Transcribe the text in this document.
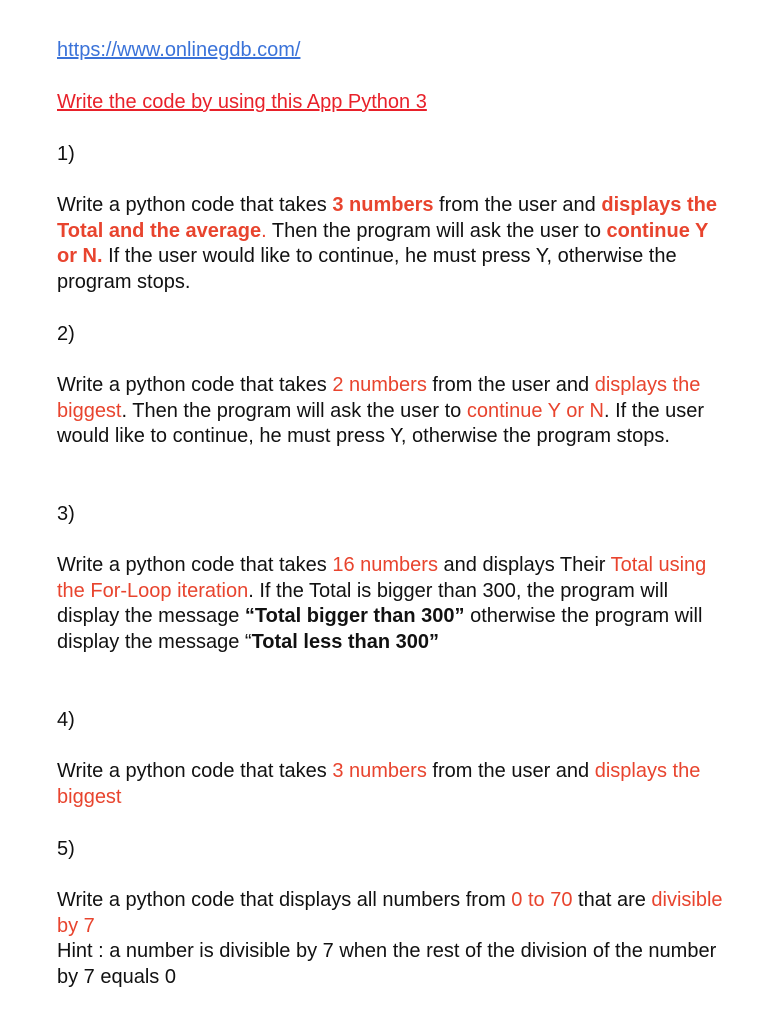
https://www.onlinegdb.com/

Write the code by using this App Python 3

1)

Write a python code that takes 3 numbers from the user and displays the Total and the average. Then the program will ask the user to continue Y or N. If the user would like to continue, he must press Y, otherwise the program stops.

2)

Write a python code that takes 2 numbers from the user and displays the biggest. Then the program will ask the user to continue Y or N. If the user would like to continue, he must press Y, otherwise the program stops.

3)

Write a python code that takes 16 numbers and displays Their Total using the For-Loop iteration. If the Total is bigger than 300, the program will display the message “Total bigger than 300” otherwise the program will display the message “Total less than 300”

4)

Write a python code that takes 3 numbers from the user and displays the biggest

5)

Write a python code that displays all numbers from 0 to 70 that are divisible by 7
Hint : a number is divisible by 7 when the rest of the division of the number by 7 equals 0
